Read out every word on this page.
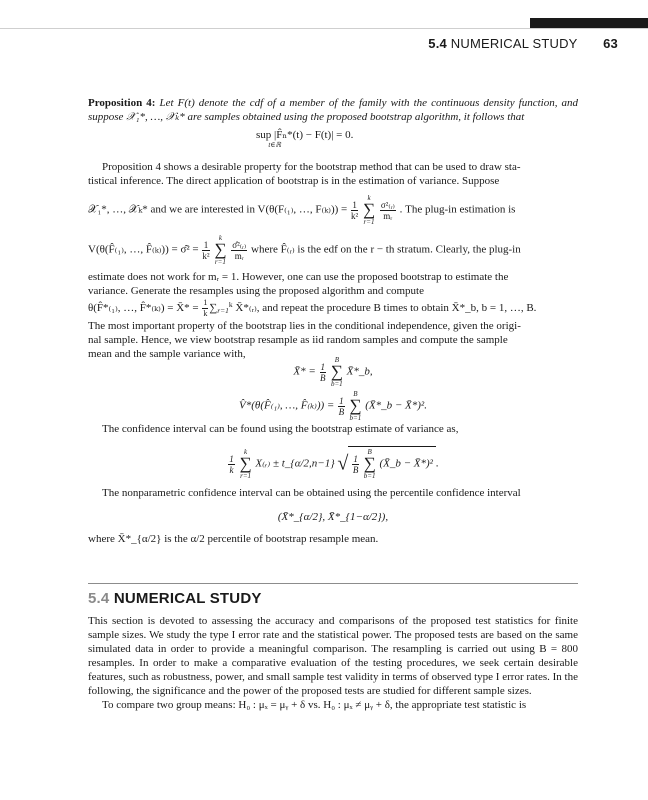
5.4 NUMERICAL STUDY 63

Proposition 4: Let F(t) denote the cdf of a member of the family with the continuous density function, and suppose 𝒳₁*, …, 𝒳ₖ* are samples obtained using the proposed bootstrap algorithm, it follows that

sup |F̂ₙ*(t) − F(t)| = 0.
t∈ℝ

Proposition 4 shows a desirable property for the bootstrap method that can be used to draw sta-

tistical inference. The direct application of bootstrap is in the estimation of variance. Suppose

𝒳₁*, …, 𝒳ₖ* and we are interested in V(θ(F₍₁₎, …, $F_{(k)})) = \frac{1}{\text{k²}}$

k
∑
r=1

$\frac{\text{σ²₍ᵣ₎}}{\text{mᵣ}}$ . The plug-in estimation is

V(θ(F̂₍₁₎, …, F̂₍ₖ₎)) = σ̂² = $\frac{1}{\text{k²}}$

k
∑
r=1

$\frac{\text{σ̂²₍ᵣ₎}}{\text{mᵣ}}$ where F̂₍ᵣ₎ is the edf on the r − th stratum. Clearly, the plug-in

estimate does not work for mᵣ = 1. However, one can use the proposed bootstrap to estimate the

variance. Generate the resamples using the proposed algorithm and compute

θ(F̂*₍₁₎, …, F̂*₍ₖ₎) = X̄* = $\frac{1}{k} \sum_{r=1}^k$ X̄*₍ᵣ₎, and repeat the procedure B times to obtain X̄*_b, b = 1, …, B.

The most important property of the bootstrap lies in the conditional independence, given the origi-

nal sample. Hence, we view bootstrap resample as iid random samples and compute the sample

mean and the sample variance with,

X̄* = $\frac{1}{B}$

B
∑
b=1
X̄*_b,
V̂*(θ(F̂₍₁₎, …, F̂₍ₖ₎)) = $\frac{1}{B}$

B
∑
b=1
(X̄*_b − X̄*)².

The confidence interval can be found using the bootstrap estimate of variance as,

$\frac{1}{k}$

k
∑
r=1
X₍ᵣ₎ ± t_{α/2,n−1} √ $\frac{1}{B}$

B
∑
b=1
(X̄_b − X̄*)² .

The nonparametric confidence interval can be obtained using the percentile confidence interval

(X̄*_{α/2}, X̄*_{1−α/2}),

where X̄*_{α/2} is the α/2 percentile of bootstrap resample mean.

5.4 NUMERICAL STUDY

This section is devoted to assessing the accuracy and comparisons of the proposed test statistics for finite sample sizes. We study the type I error rate and the statistical power. The proposed tests are based on the same simulated data in order to provide a meaningful comparison. The resampling is carried out using B = 800 resamples. In order to make a comparative evaluation of the testing procedures, we seek certain desirable features, such as robustness, power, and small sample test validity in terms of observed type I error rates. In the following, the significance and the power of the proposed tests are studied for different sample sizes.

To compare two group means: H₀ : μₓ = μᵧ + δ vs. H₀ : μₓ ≠ μᵧ + δ, the appropriate test statistic is
